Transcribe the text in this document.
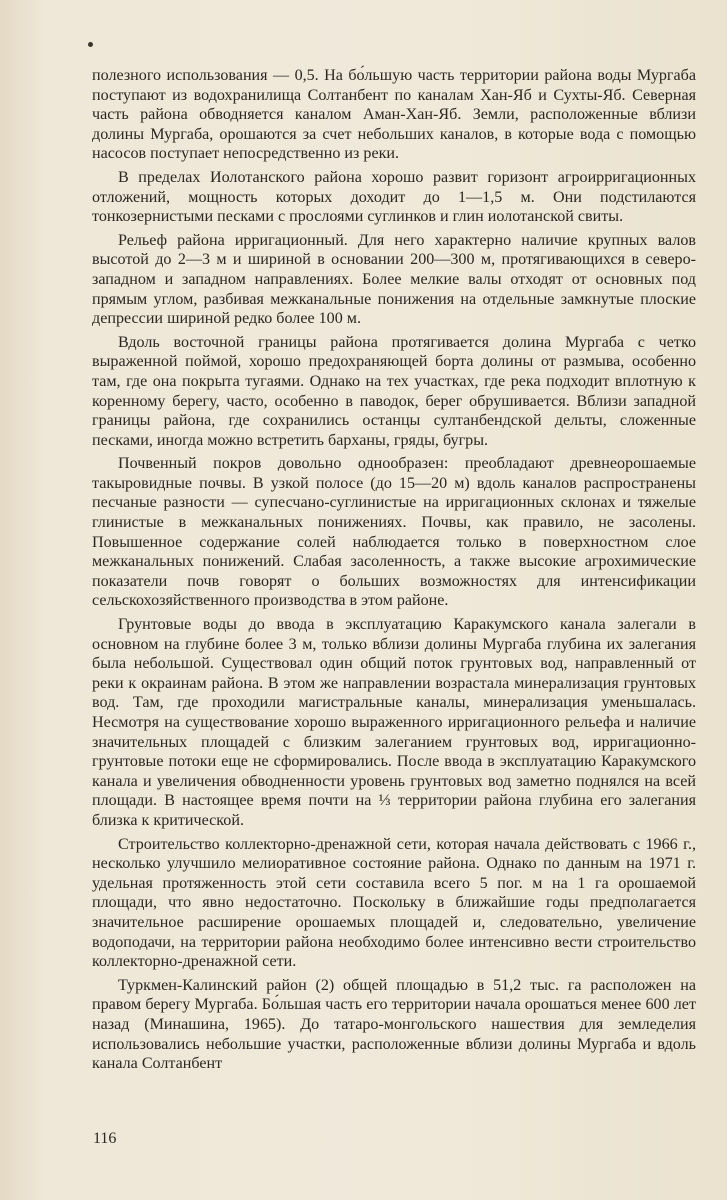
полезного использования — 0,5. На бо́льшую часть территории района воды Мургаба поступают из водохранилища Солтанбент по каналам Хан-Яб и Сухты-Яб. Северная часть района обводняется каналом Аман-Хан-Яб. Земли, расположенные вблизи долины Мургаба, орошаются за счет небольших каналов, в которые вода с помощью насосов поступает непосредственно из реки.

В пределах Иолотанского района хорошо развит горизонт агроирригационных отложений, мощность которых доходит до 1—1,5 м. Они подстилаются тонкозернистыми песками с прослоями суглинков и глин иолотанской свиты.

Рельеф района ирригационный. Для него характерно наличие крупных валов высотой до 2—3 м и шириной в основании 200—300 м, протягивающихся в северо-западном и западном направлениях. Более мелкие валы отходят от основных под прямым углом, разбивая межканальные понижения на отдельные замкнутые плоские депрессии шириной редко более 100 м.

Вдоль восточной границы района протягивается долина Мургаба с четко выраженной поймой, хорошо предохраняющей борта долины от размыва, особенно там, где она покрыта тугаями. Однако на тех участках, где река подходит вплотную к коренному берегу, часто, особенно в паводок, берег обрушивается. Вблизи западной границы района, где сохранились останцы султанбендской дельты, сложенные песками, иногда можно встретить барханы, гряды, бугры.

Почвенный покров довольно однообразен: преобладают древнеорошаемые такыровидные почвы. В узкой полосе (до 15—20 м) вдоль каналов распространены песчаные разности — супесчано-суглинистые на ирригационных склонах и тяжелые глинистые в межканальных понижениях. Почвы, как правило, не засолены. Повышенное содержание солей наблюдается только в поверхностном слое межканальных понижений. Слабая засоленность, а также высокие агрохимические показатели почв говорят о больших возможностях для интенсификации сельскохозяйственного производства в этом районе.

Грунтовые воды до ввода в эксплуатацию Каракумского канала залегали в основном на глубине более 3 м, только вблизи долины Мургаба глубина их залегания была небольшой. Существовал один общий поток грунтовых вод, направленный от реки к окраинам района. В этом же направлении возрастала минерализация грунтовых вод. Там, где проходили магистральные каналы, минерализация уменьшалась. Несмотря на существование хорошо выраженного ирригационного рельефа и наличие значительных площадей с близким залеганием грунтовых вод, ирригационно-грунтовые потоки еще не сформировались. После ввода в эксплуатацию Каракумского канала и увеличения обводненности уровень грунтовых вод заметно поднялся на всей площади. В настоящее время почти на ⅓ территории района глубина его залегания близка к критической.

Строительство коллекторно-дренажной сети, которая начала действовать с 1966 г., несколько улучшило мелиоративное состояние района. Однако по данным на 1971 г. удельная протяженность этой сети составила всего 5 пог. м на 1 га орошаемой площади, что явно недостаточно. Поскольку в ближайшие годы предполагается значительное расширение орошаемых площадей и, следовательно, увеличение водоподачи, на территории района необходимо более интенсивно вести строительство коллекторно-дренажной сети.

Туркмен-Калинский район (2) общей площадью в 51,2 тыс. га расположен на правом берегу Мургаба. Бо́льшая часть его территории начала орошаться менее 600 лет назад (Минашина, 1965). До татаро-монгольского нашествия для земледелия использовались небольшие участки, расположенные вблизи долины Мургаба и вдоль канала Солтанбент

116
